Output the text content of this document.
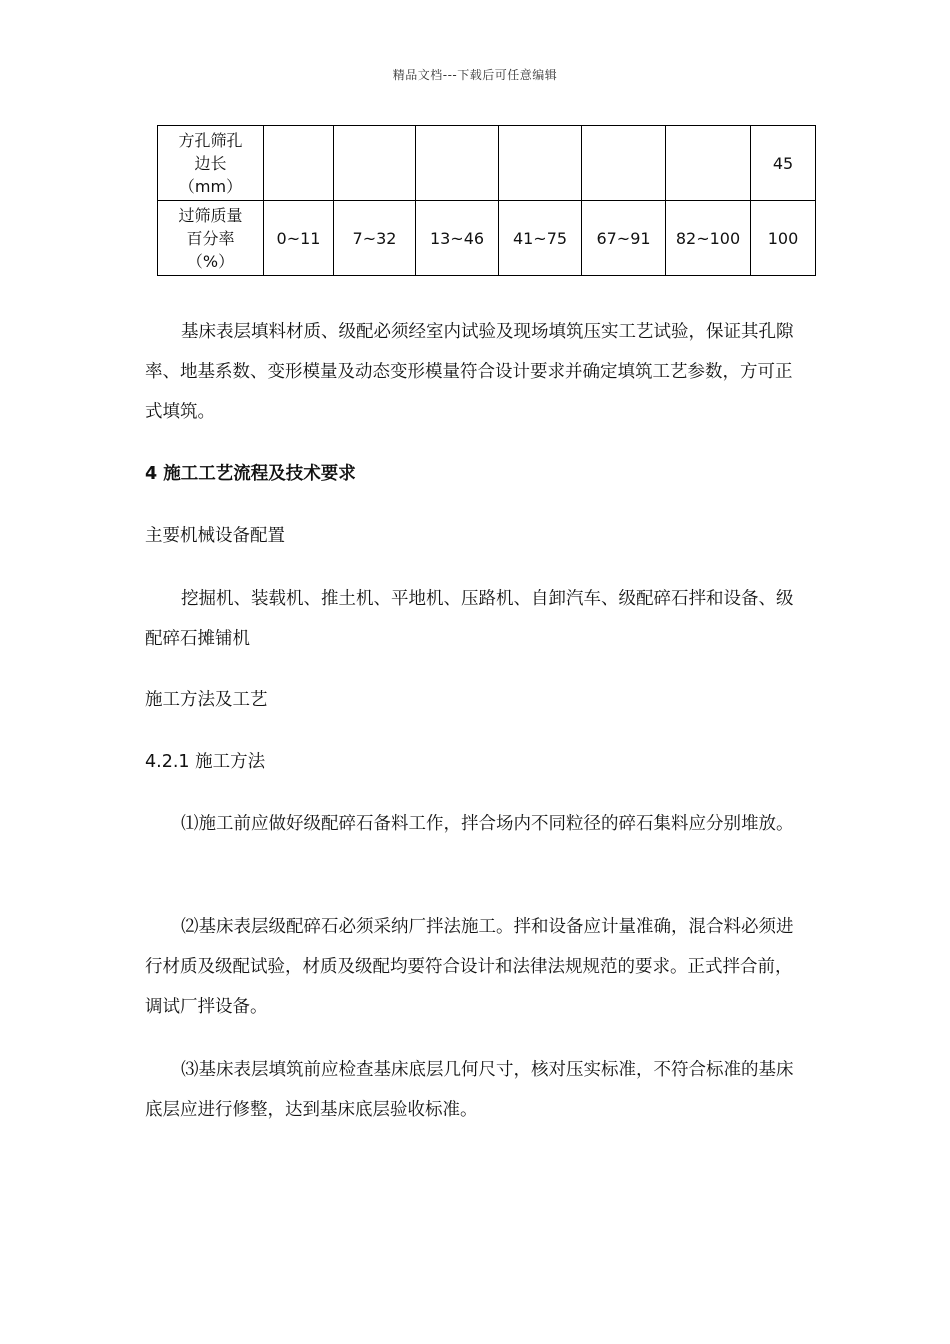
精品文档---下载后可任意编辑
方孔筛孔
边长
（mm）							45

过筛质量
百分率
（%）	0~11	7~32	13~46	41~75	67~91	82~100	100

基床表层填料材质、级配必须经室内试验及现场填筑压实工艺试验，保证其孔隙率、地基系数、变形模量及动态变形模量符合设计要求并确定填筑工艺参数，方可正式填筑。

4 施工工艺流程及技术要求

主要机械设备配置

挖掘机、装载机、推土机、平地机、压路机、自卸汽车、级配碎石拌和设备、级配碎石摊铺机

施工方法及工艺

4.2.1 施工方法

⑴施工前应做好级配碎石备料工作，拌合场内不同粒径的碎石集料应分别堆放。

⑵基床表层级配碎石必须采纳厂拌法施工。拌和设备应计量准确，混合料必须进行材质及级配试验，材质及级配均要符合设计和法律法规规范的要求。正式拌合前，调试厂拌设备。

⑶基床表层填筑前应检查基床底层几何尺寸，核对压实标准，不符合标准的基床底层应进行修整，达到基床底层验收标准。
